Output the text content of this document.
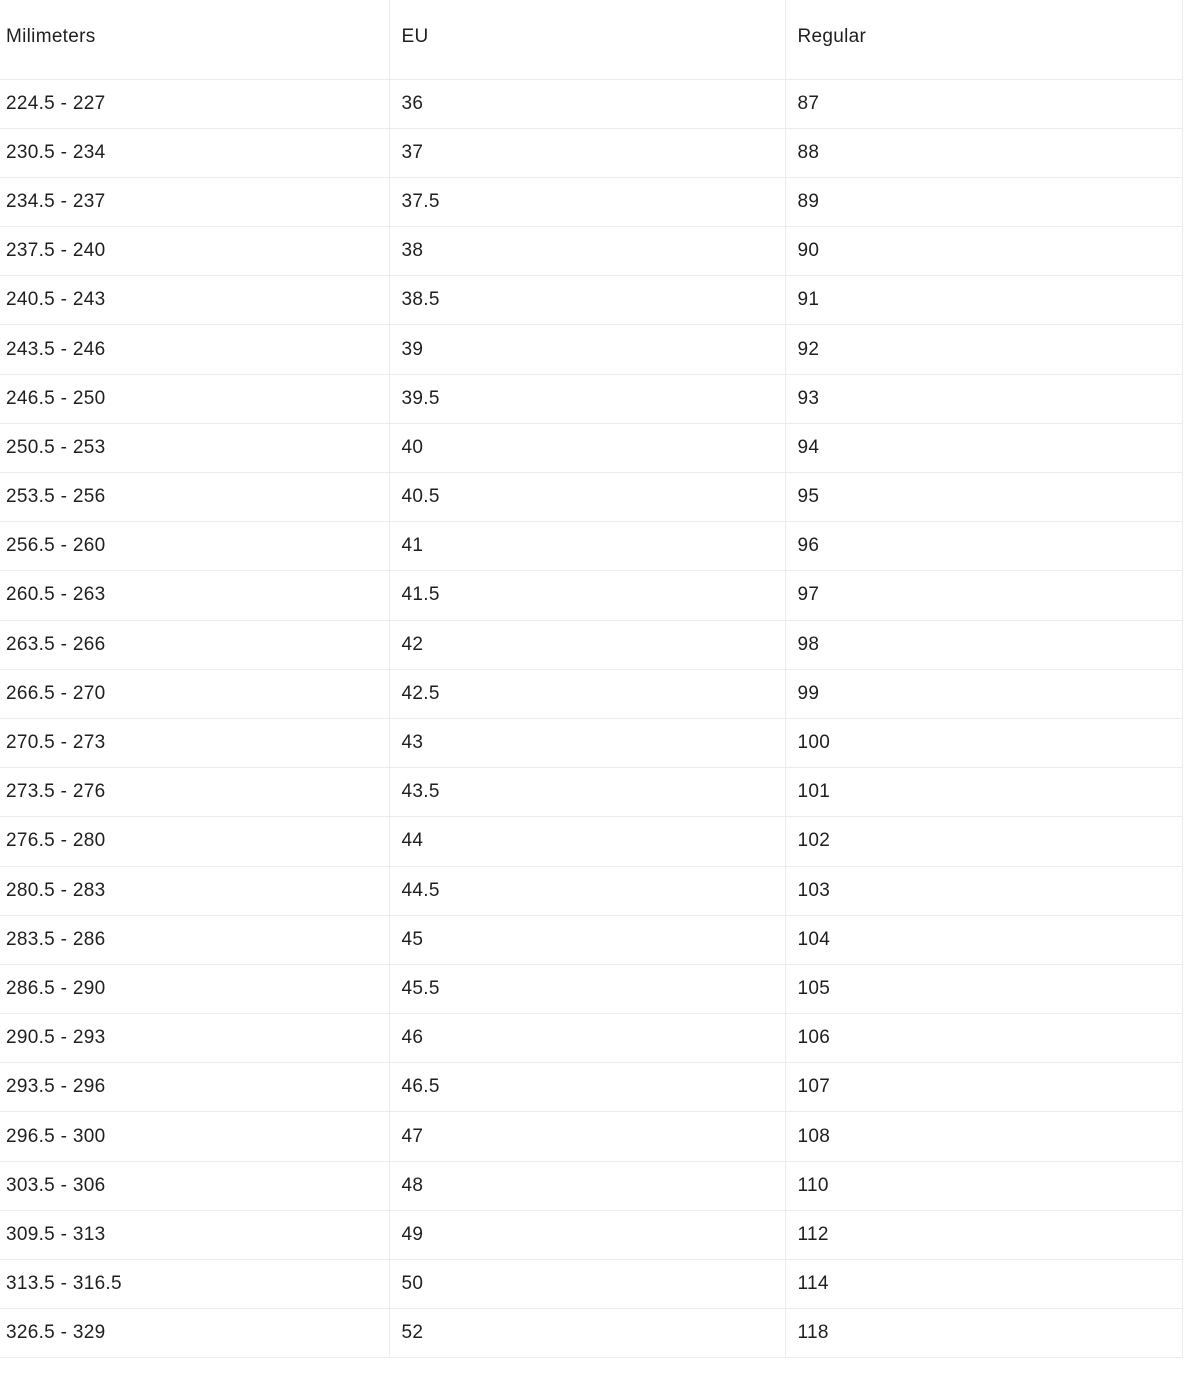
Milimeters	EU	Regular
224.5 - 227	36	87
230.5 - 234	37	88
234.5 - 237	37.5	89
237.5 - 240	38	90
240.5 - 243	38.5	91
243.5 - 246	39	92
246.5 - 250	39.5	93
250.5 - 253	40	94
253.5 - 256	40.5	95
256.5 - 260	41	96
260.5 - 263	41.5	97
263.5 - 266	42	98
266.5 - 270	42.5	99
270.5 - 273	43	100
273.5 - 276	43.5	101
276.5 - 280	44	102
280.5 - 283	44.5	103
283.5 - 286	45	104
286.5 - 290	45.5	105
290.5 - 293	46	106
293.5 - 296	46.5	107
296.5 - 300	47	108
303.5 - 306	48	110
309.5 - 313	49	112
313.5 - 316.5	50	114
326.5 - 329	52	118
